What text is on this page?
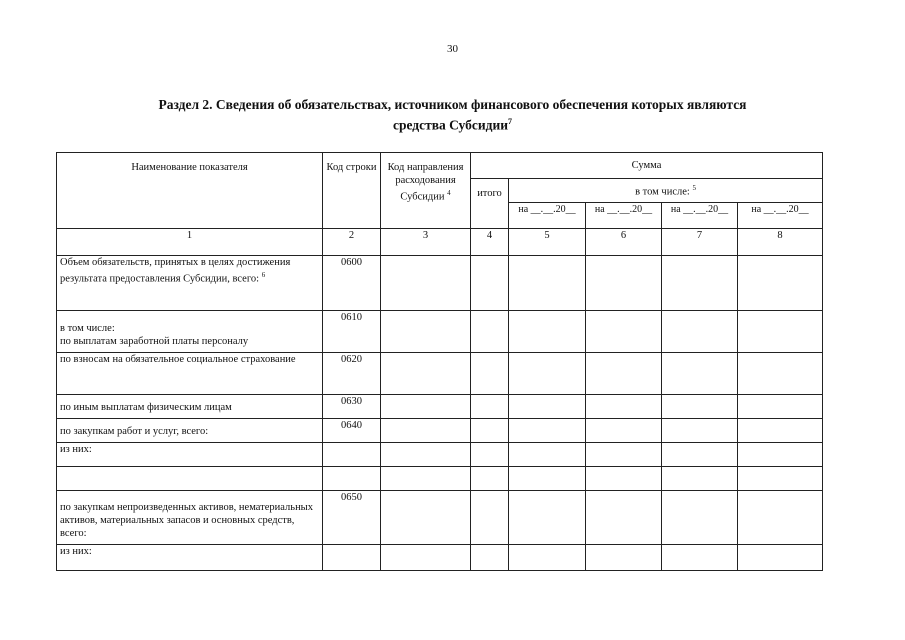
30
Раздел 2. Сведения об обязательствах, источником финансового обеспечения которых являются
средства Субсидии$^7$
Наименование показателя	Код строки	Код направления расходования Субсидии $^4$	Сумма				
			итого	в том числе: $^5$
				на __.__.20__	на __.__.20__	на __.__.20__	на __.__.20__
1	2	3	4	5	6	7	8
Объем обязательств, принятых в целях достижения результата предоставления Субсидии, всего: $^6$	0600						

в том числе:
по выплатам заработной платы персоналу	0610						
по взносам на обязательное социальное страхование	0620						
по иным выплатам физическим лицам	0630						
по закупкам работ и услуг, всего:	0640						
из них:							

по закупкам непроизведенных активов, нематериальных активов, материальных запасов и основных средств, всего:	0650						
из них:							
